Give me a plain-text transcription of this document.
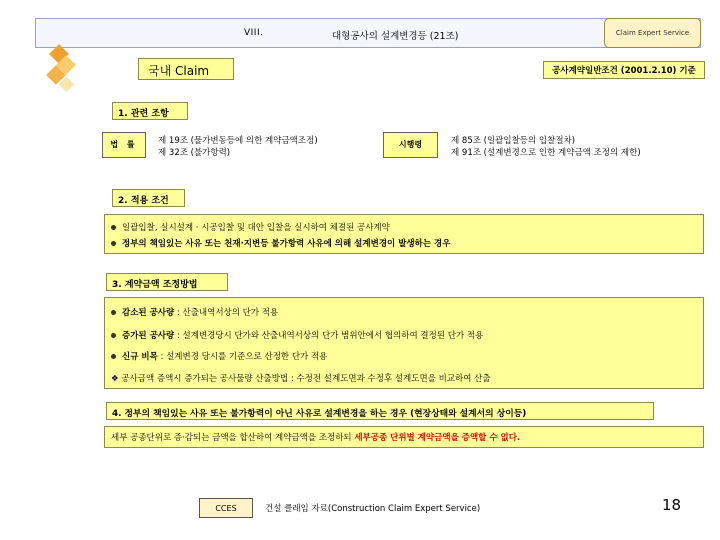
VIII.	대형공사의 설계변경등 (21조)	Claim Expert Service
국내 Claim	공사계약일반조건 (2001.2.10) 기준
1. 관련 조항
법 률	제 19조 (물가변동등에 의한 계약금액조정)
제 32조 (불가항력)
시행령	제 85조 (일괄입찰등의 입찰절차)
제 91조 (설계변경으로 인한 계약금액 조정의 제한)
2. 적용 조건
일괄입찰, 실시설계 · 시공입찰 및 대안 입찰을 실시하여 체결된 공사계약
정부의 책임있는 사유 또는 천재·지변등 불가항력 사유에 의해 설계변경이 발생하는 경우
3. 계약금액 조정방법
감소된 공사량 : 산출내역서상의 단가 적용
증가된 공사량 : 설계변경당시 단가와 산출내역서상의 단가 범위안에서 협의하여 결정된 단가 적용
신규 비목 : 설계변경 당시를 기준으로 산정한 단가 적용
❖ 공사금액 증액시 증가되는 공사물량 산출방법 : 수정전 설계도면과 수정후 설계도면을 비교하여 산출
4. 정부의 책임있는 사유 또는 불가항력이 아닌 사유로 설계변경을 하는 경우 (현장상태와 설계서의 상이등)
세부 공종단위로 증·감되는 금액을 합산하여 계약금액을 조정하되 세부공종 단위별 계약금액을 증액할 수 없다.
CCES	건설 클레임 자료(Construction Claim Expert Service)	18
